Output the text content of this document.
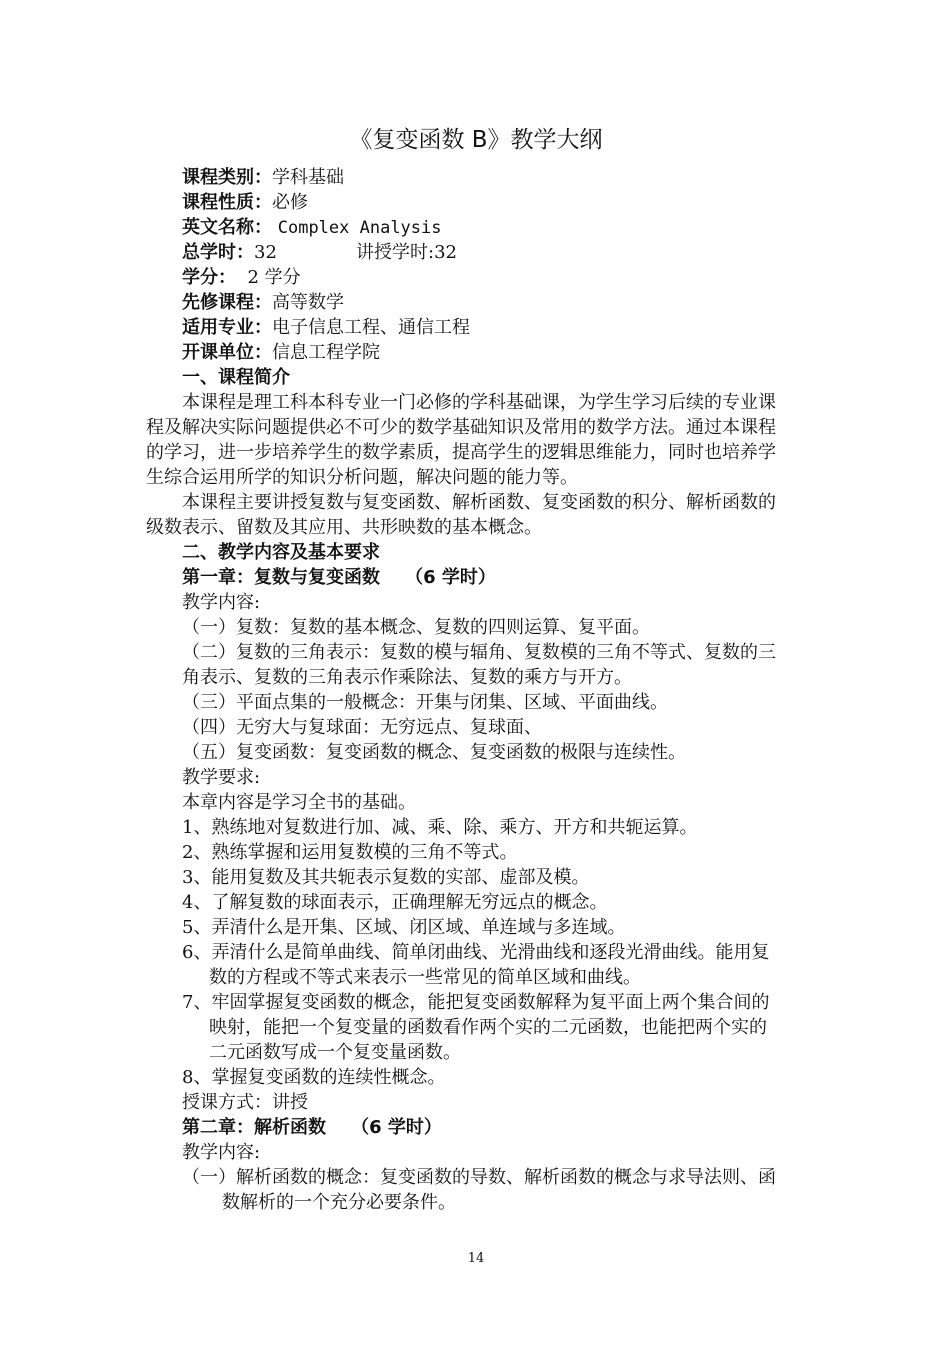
《复变函数 B》教学大纲
课程类别：学科基础
课程性质：必修
英文名称： Complex Analysis
总学时：32	讲授学时:32
学分： 2 学分
先修课程：高等数学
适用专业：电子信息工程、通信工程
开课单位：信息工程学院
一、课程简介
本课程是理工科本科专业一门必修的学科基础课，为学生学习后续的专业课
程及解决实际问题提供必不可少的数学基础知识及常用的数学方法。通过本课程
的学习，进一步培养学生的数学素质，提高学生的逻辑思维能力，同时也培养学
生综合运用所学的知识分析问题，解决问题的能力等。
本课程主要讲授复数与复变函数、解析函数、复变函数的积分、解析函数的
级数表示、留数及其应用、共形映数的基本概念。
二、教学内容及基本要求
第一章：复数与复变函数 （6 学时）
教学内容:
（一）复数：复数的基本概念、复数的四则运算、复平面。
（二）复数的三角表示：复数的模与辐角、复数模的三角不等式、复数的三
角表示、复数的三角表示作乘除法、复数的乘方与开方。
（三）平面点集的一般概念：开集与闭集、区域、平面曲线。
（四）无穷大与复球面：无穷远点、复球面、
（五）复变函数：复变函数的概念、复变函数的极限与连续性。
教学要求:
本章内容是学习全书的基础。
1、熟练地对复数进行加、减、乘、除、乘方、开方和共轭运算。
2、熟练掌握和运用复数模的三角不等式。
3、能用复数及其共轭表示复数的实部、虚部及模。
4、了解复数的球面表示，正确理解无穷远点的概念。
5、弄清什么是开集、区域、闭区域、单连域与多连域。
6、弄清什么是简单曲线、简单闭曲线、光滑曲线和逐段光滑曲线。能用复
数的方程或不等式来表示一些常见的简单区域和曲线。
7、牢固掌握复变函数的概念，能把复变函数解释为复平面上两个集合间的
映射，能把一个复变量的函数看作两个实的二元函数，也能把两个实的
二元函数写成一个复变量函数。
8、掌握复变函数的连续性概念。
授课方式：讲授
第二章：解析函数 （6 学时）
教学内容:
（一）解析函数的概念：复变函数的导数、解析函数的概念与求导法则、函
数解析的一个充分必要条件。
14
